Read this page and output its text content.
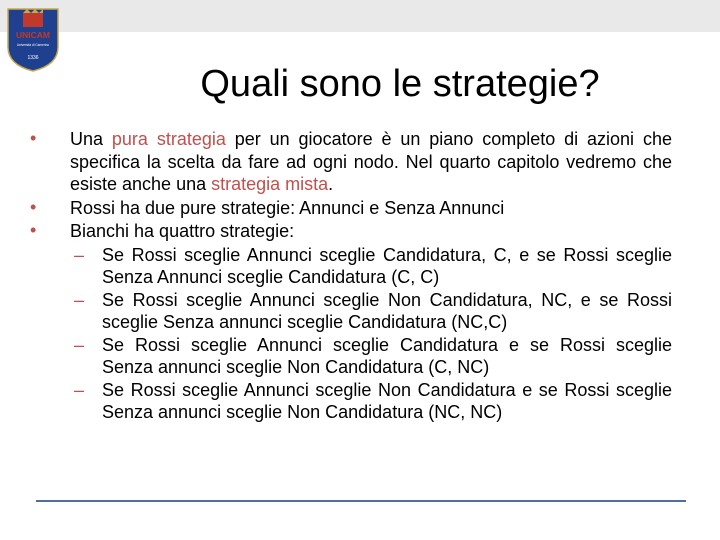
UNICAM
Università di Camerino
1336
Quali sono le strategie?
• Una pura strategia per un giocatore è un piano completo di azioni che specifica la scelta da fare ad ogni nodo. Nel quarto capitolo vedremo che esiste anche una strategia mista.
• Rossi ha due pure strategie: Annunci e Senza Annunci
• Bianchi ha quattro strategie:
– Se Rossi sceglie Annunci sceglie Candidatura, C, e se Rossi sceglie Senza Annunci sceglie Candidatura (C, C)
– Se Rossi sceglie Annunci sceglie Non Candidatura, NC, e se Rossi sceglie Senza annunci sceglie Candidatura (NC,C)
– Se Rossi sceglie Annunci sceglie Candidatura e se Rossi sceglie Senza annunci sceglie Non Candidatura (C, NC)
– Se Rossi sceglie Annunci sceglie Non Candidatura e se Rossi sceglie Senza annunci sceglie Non Candidatura (NC, NC)
